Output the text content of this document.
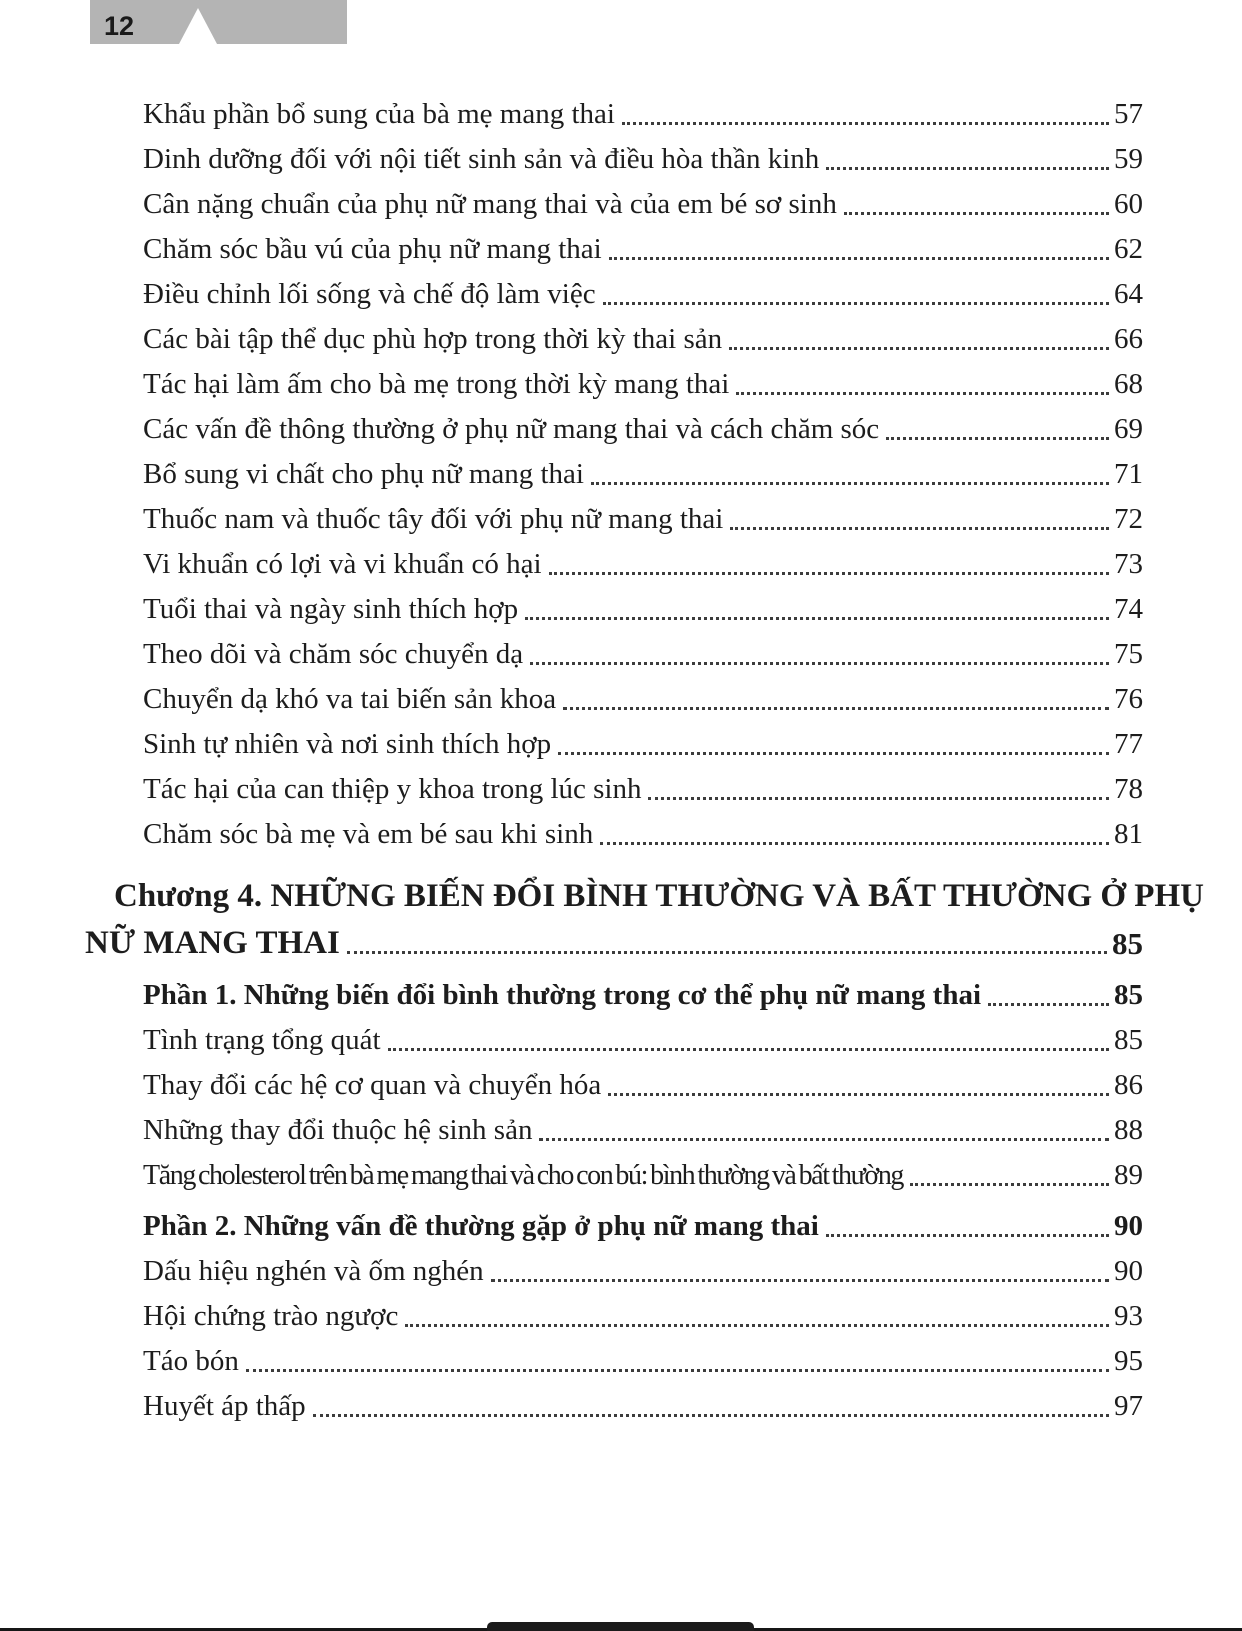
12
Khẩu phần bổ sung của bà mẹ mang thai	57
Dinh dưỡng đối với nội tiết sinh sản và điều hòa thần kinh	59
Cân nặng chuẩn của phụ nữ mang thai và của em bé sơ sinh	60
Chăm sóc bầu vú của phụ nữ mang thai	62
Điều chỉnh lối sống và chế độ làm việc	64
Các bài tập thể dục phù hợp trong thời kỳ thai sản	66
Tác hại làm ấm cho bà mẹ trong thời kỳ mang thai	68
Các vấn đề thông thường ở phụ nữ mang thai và cách chăm sóc	69
Bổ sung vi chất cho phụ nữ mang thai	71
Thuốc nam và thuốc tây đối với phụ nữ mang thai	72
Vi khuẩn có lợi và vi khuẩn có hại	73
Tuổi thai và ngày sinh thích hợp	74
Theo dõi và chăm sóc chuyển dạ	75
Chuyển dạ khó va tai biến sản khoa	76
Sinh tự nhiên và nơi sinh thích hợp	77
Tác hại của can thiệp y khoa trong lúc sinh	78
Chăm sóc bà mẹ và em bé sau khi sinh	81
Chương 4. NHỮNG BIẾN ĐỔI BÌNH THƯỜNG VÀ BẤT THƯỜNG Ở PHỤ
NỮ MANG THAI	85
Phần 1. Những biến đổi bình thường trong cơ thể phụ nữ mang thai	85
Tình trạng tổng quát	85
Thay đổi các hệ cơ quan và chuyển hóa	86
Những thay đổi thuộc hệ sinh sản	88
Tăng cholesterol trên bà mẹ mang thai và cho con bú: bình thường và bất thường	89
Phần 2. Những vấn đề thường gặp ở phụ nữ mang thai	90
Dấu hiệu nghén và ốm nghén	90
Hội chứng trào ngược	93
Táo bón	95
Huyết áp thấp	97
